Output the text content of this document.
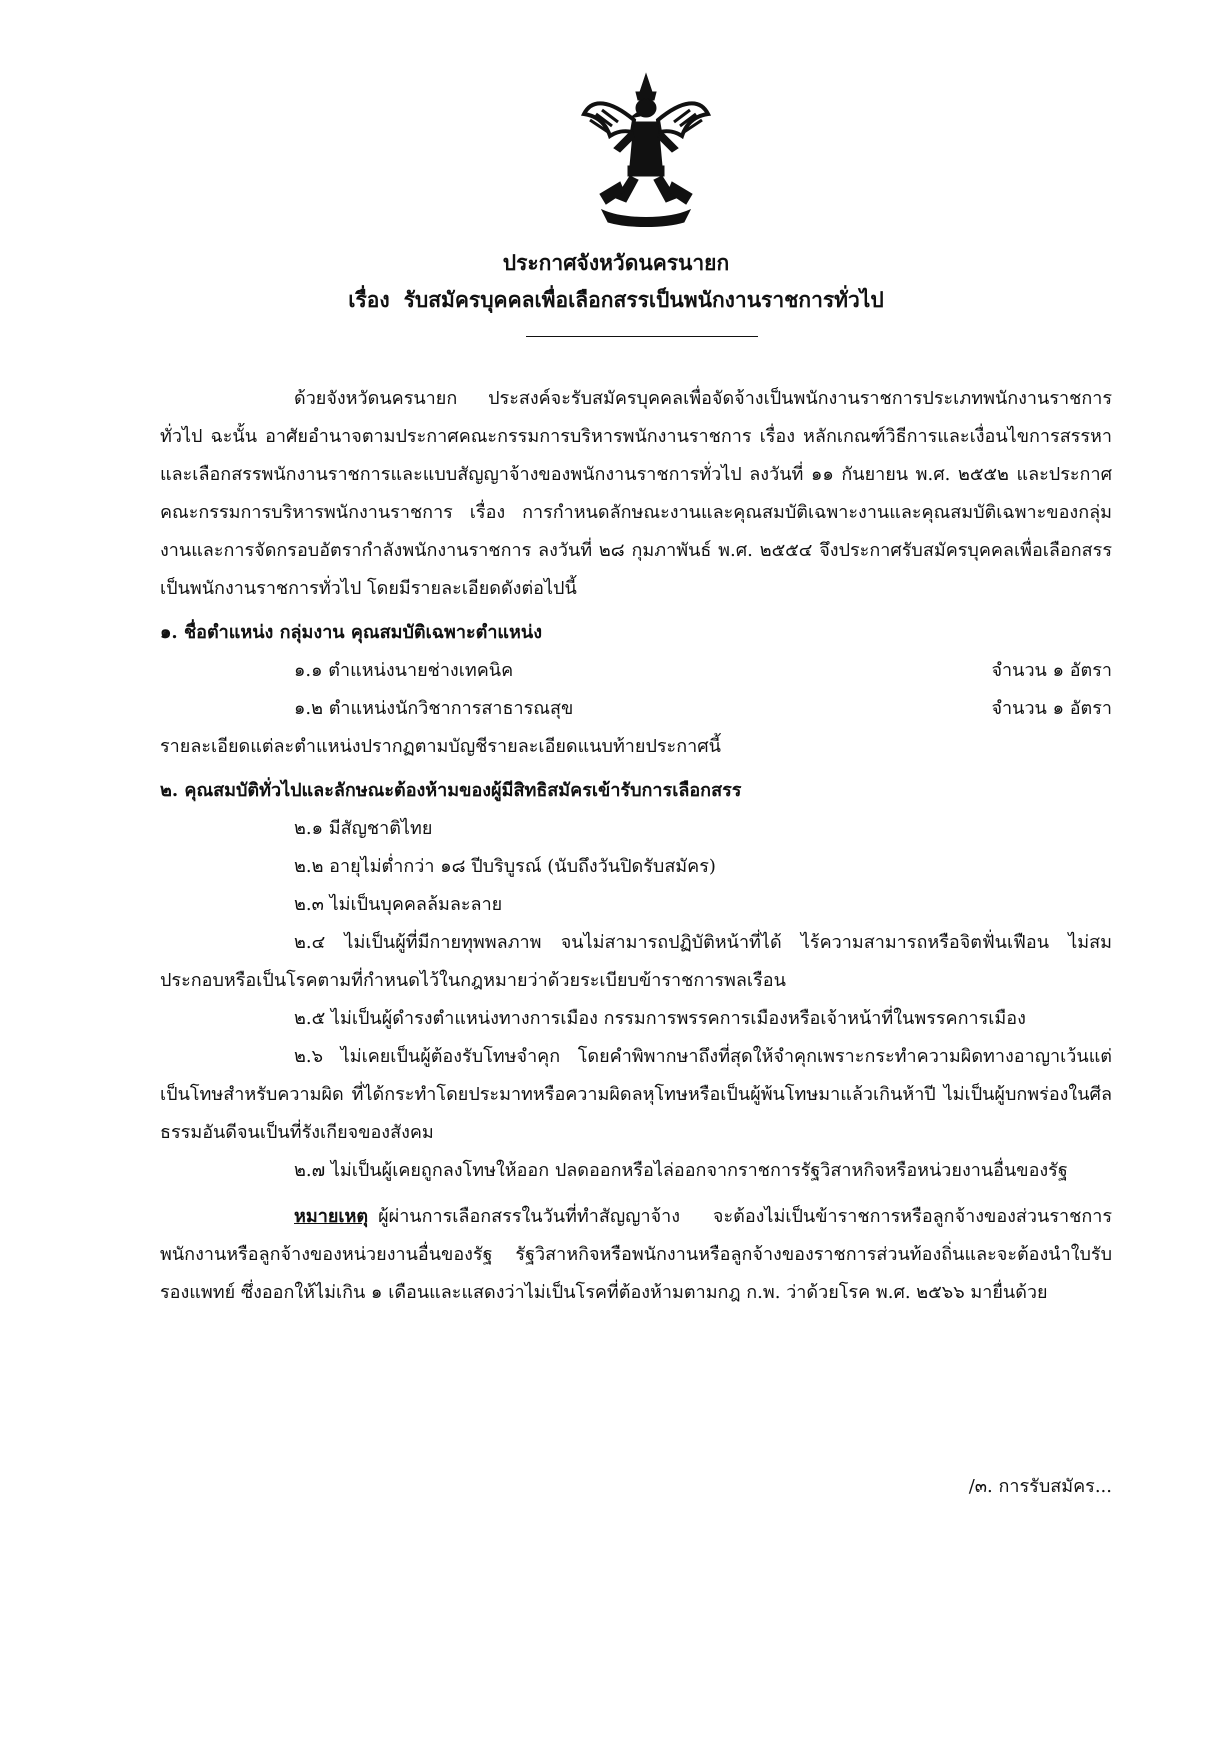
ประกาศจังหวัดนครนายก
เรื่อง รับสมัครบุคคลเพื่อเลือกสรรเป็นพนักงานราชการทั่วไป

ด้วยจังหวัดนครนายก ประสงค์จะรับสมัครบุคคลเพื่อจัดจ้างเป็นพนักงานราชการประเภทพนักงานราชการทั่วไป ฉะนั้น อาศัยอำนาจตามประกาศคณะกรรมการบริหารพนักงานราชการ เรื่อง หลักเกณฑ์วิธีการและเงื่อนไขการสรรหาและเลือกสรรพนักงานราชการและแบบสัญญาจ้างของพนักงานราชการทั่วไป ลงวันที่ ๑๑ กันยายน พ.ศ. ๒๕๕๒ และประกาศคณะกรรมการบริหารพนักงานราชการ เรื่อง การกำหนดลักษณะงานและคุณสมบัติเฉพาะงานและคุณสมบัติเฉพาะของกลุ่มงานและการจัดกรอบอัตรากำลังพนักงานราชการ ลงวันที่ ๒๘ กุมภาพันธ์ พ.ศ. ๒๕๕๔ จึงประกาศรับสมัครบุคคลเพื่อเลือกสรรเป็นพนักงานราชการทั่วไป โดยมีรายละเอียดดังต่อไปนี้

๑. ชื่อตำแหน่ง กลุ่มงาน คุณสมบัติเฉพาะตำแหน่ง

๑.๑ ตำแหน่งนายช่างเทคนิค	จำนวน ๑ อัตรา
๑.๒ ตำแหน่งนักวิชาการสาธารณสุข	จำนวน ๑ อัตรา

รายละเอียดแต่ละตำแหน่งปรากฏตามบัญชีรายละเอียดแนบท้ายประกาศนี้

๒. คุณสมบัติทั่วไปและลักษณะต้องห้ามของผู้มีสิทธิสมัครเข้ารับการเลือกสรร

๒.๑ มีสัญชาติไทย

๒.๒ อายุไม่ต่ำกว่า ๑๘ ปีบริบูรณ์ (นับถึงวันปิดรับสมัคร)

๒.๓ ไม่เป็นบุคคลล้มละลาย

๒.๔ ไม่เป็นผู้ที่มีกายทุพพลภาพ จนไม่สามารถปฏิบัติหน้าที่ได้ ไร้ความสามารถหรือจิตฟั่นเฟือน ไม่สมประกอบหรือเป็นโรคตามที่กำหนดไว้ในกฎหมายว่าด้วยระเบียบข้าราชการพลเรือน

๒.๕ ไม่เป็นผู้ดำรงตำแหน่งทางการเมือง กรรมการพรรคการเมืองหรือเจ้าหน้าที่ในพรรคการเมือง

๒.๖ ไม่เคยเป็นผู้ต้องรับโทษจำคุก โดยคำพิพากษาถึงที่สุดให้จำคุกเพราะกระทำความผิดทางอาญาเว้นแต่เป็นโทษสำหรับความผิด ที่ได้กระทำโดยประมาทหรือความผิดลหุโทษหรือเป็นผู้พ้นโทษมาแล้วเกินห้าปี ไม่เป็นผู้บกพร่องในศีลธรรมอันดีจนเป็นที่รังเกียจของสังคม

๒.๗ ไม่เป็นผู้เคยถูกลงโทษให้ออก ปลดออกหรือไล่ออกจากราชการรัฐวิสาหกิจหรือหน่วยงานอื่นของรัฐ

หมายเหตุ ผู้ผ่านการเลือกสรรในวันที่ทำสัญญาจ้าง จะต้องไม่เป็นข้าราชการหรือลูกจ้างของส่วนราชการ พนักงานหรือลูกจ้างของหน่วยงานอื่นของรัฐ รัฐวิสาหกิจหรือพนักงานหรือลูกจ้างของราชการส่วนท้องถิ่นและจะต้องนำใบรับรองแพทย์ ซึ่งออกให้ไม่เกิน ๑ เดือนและแสดงว่าไม่เป็นโรคที่ต้องห้ามตามกฎ ก.พ. ว่าด้วยโรค พ.ศ. ๒๕๖๖ มายื่นด้วย

/๓. การรับสมัคร...
